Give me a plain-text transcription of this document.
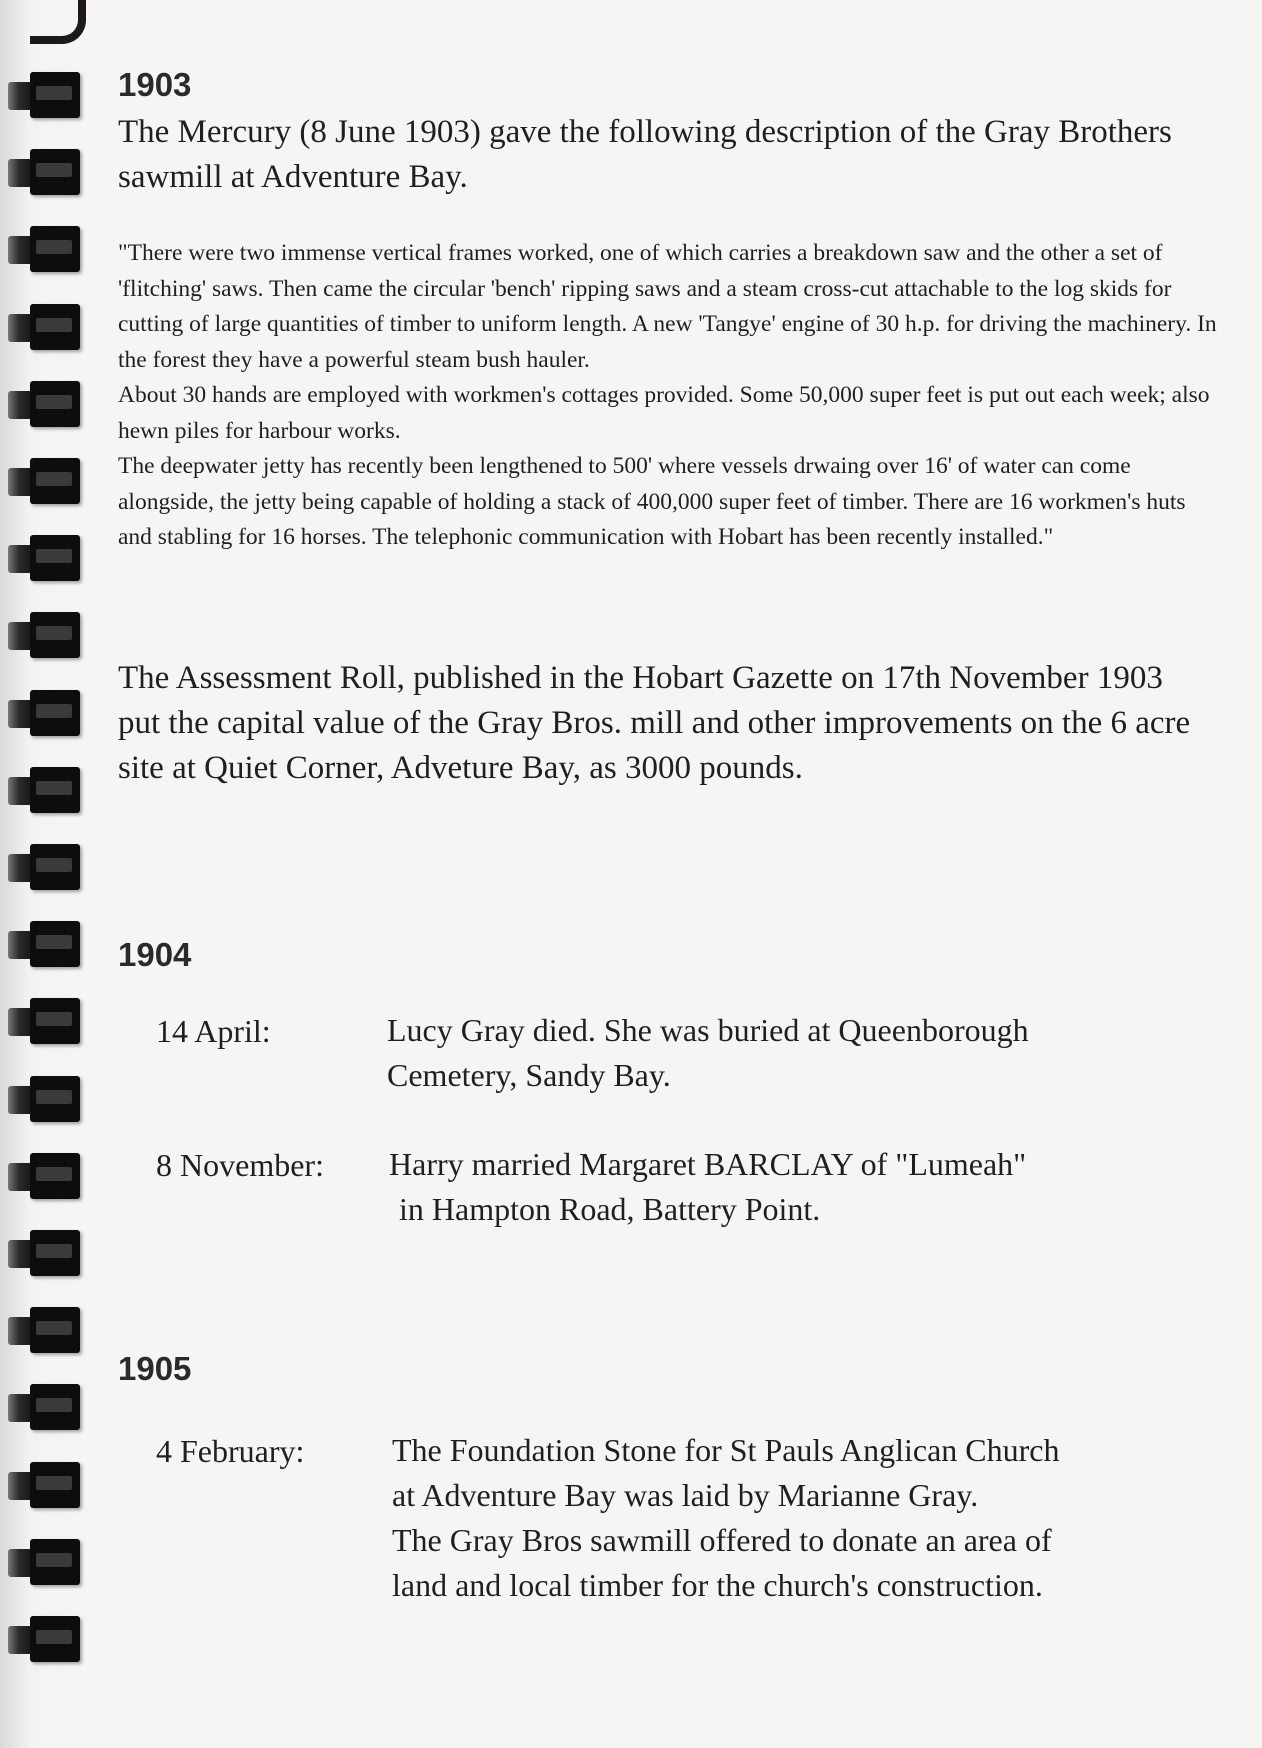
1903
The Mercury (8 June 1903) gave the following description of the Gray Brothers sawmill at Adventure Bay.

"There were two immense vertical frames worked, one of which carries a breakdown saw and the other a set of 'flitching' saws. Then came the circular 'bench' ripping saws and a steam cross-cut attachable to the log skids for cutting of large quantities of timber to uniform length. A new 'Tangye' engine of 30 h.p. for driving the machinery. In the forest they have a powerful steam bush hauler.

About 30 hands are employed with workmen's cottages provided. Some 50,000 super feet is put out each week; also hewn piles for harbour works.

The deepwater jetty has recently been lengthened to 500' where vessels drwaing over 16' of water can come alongside, the jetty being capable of holding a stack of 400,000 super feet of timber. There are 16 workmen's huts and stabling for 16 horses. The telephonic communication with Hobart has been recently installed."

The Assessment Roll, published in the Hobart Gazette on 17th November 1903 put the capital value of the Gray Bros. mill and other improvements on the 6 acre site at Quiet Corner, Adveture Bay, as 3000 pounds.
1904
14 April:	Lucy Gray died. She was buried at Queenborough

Cemetery, Sandy Bay.

8 November: Harry married Margaret BARCLAY of "Lumeah"

in Hampton Road, Battery Point.

1905
4 February:	The Foundation Stone for St Pauls Anglican Church

at Adventure Bay was laid by Marianne Gray.

The Gray Bros sawmill offered to donate an area of

land and local timber for the church's construction.
